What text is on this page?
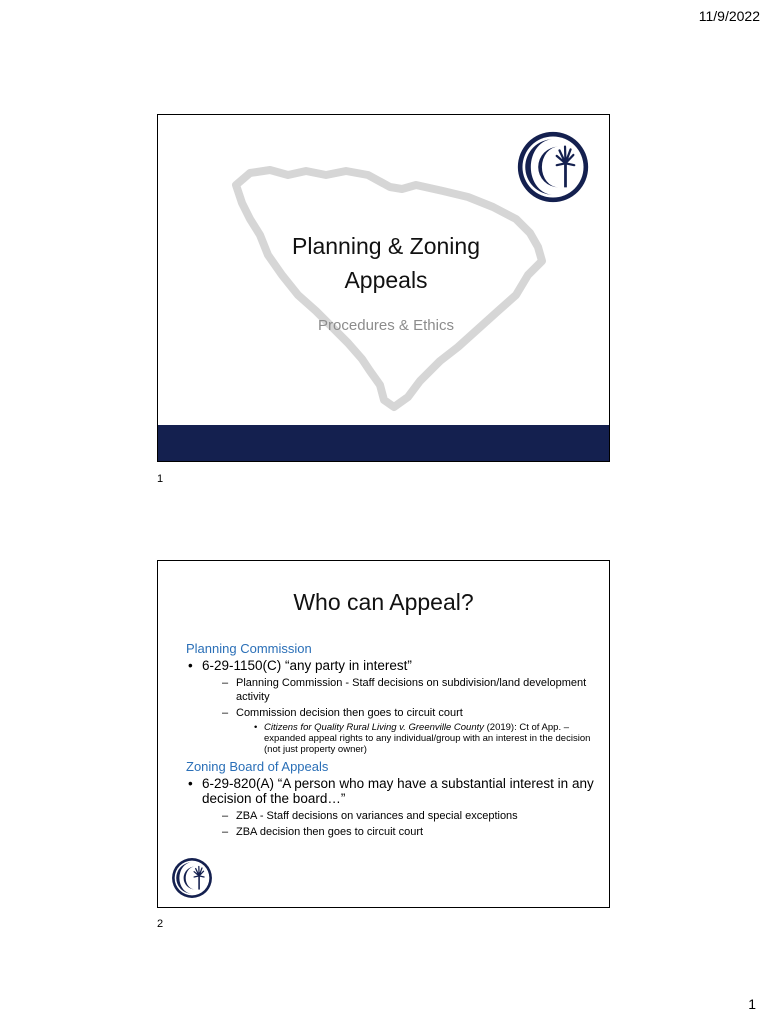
11/9/2022
Planning & Zoning
Appeals
Procedures & Ethics
1
Who can Appeal?

Planning Commission

• 6-29-1150(C) “any party in interest”

– Planning Commission - Staff decisions on subdivision/land development activity

– Commission decision then goes to circuit court

• Citizens for Quality Rural Living v. Greenville County (2019): Ct of App. – expanded appeal rights to any individual/group with an interest in the decision (not just property owner)

Zoning Board of Appeals

• 6-29-820(A) “A person who may have a substantial interest in any decision of the board…”

– ZBA - Staff decisions on variances and special exceptions

– ZBA decision then goes to circuit court

2
1
